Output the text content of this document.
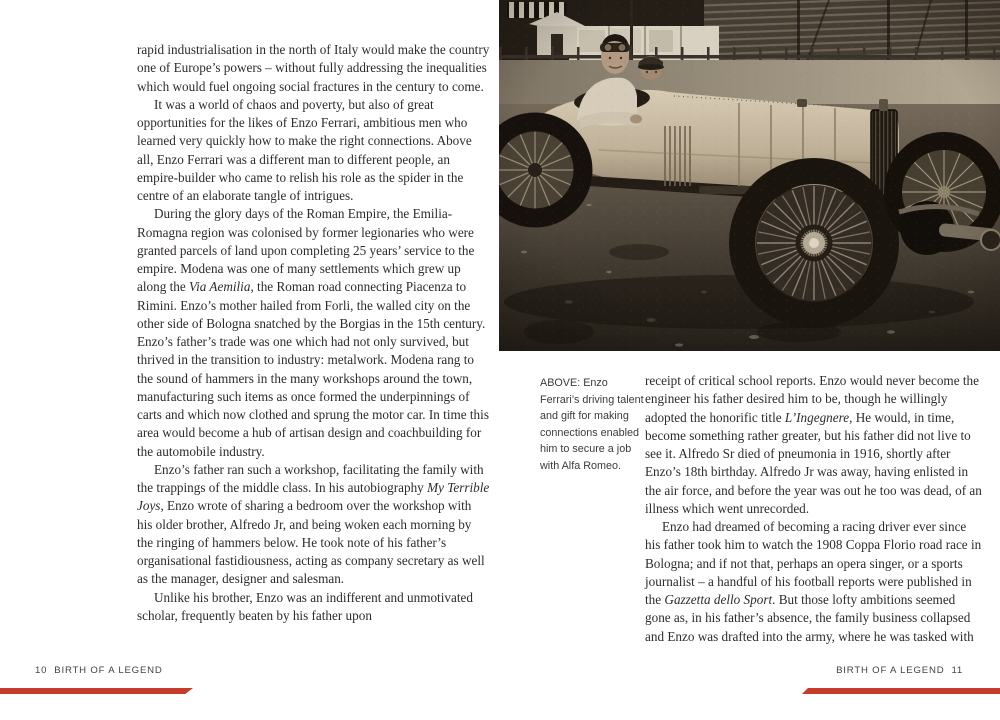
rapid industrialisation in the north of Italy would make the country one of Europe’s powers – without fully addressing the inequalities which would fuel ongoing social fractures in the century to come.

It was a world of chaos and poverty, but also of great opportunities for the likes of Enzo Ferrari, ambitious men who learned very quickly how to make the right connections. Above all, Enzo Ferrari was a different man to different people, an empire-builder who came to relish his role as the spider in the centre of an elaborate tangle of intrigues.

During the glory days of the Roman Empire, the Emilia-Romagna region was colonised by former legionaries who were granted parcels of land upon completing 25 years’ service to the empire. Modena was one of many settlements which grew up along the Via Aemilia, the Roman road connecting Piacenza to Rimini. Enzo’s mother hailed from Forli, the walled city on the other side of Bologna snatched by the Borgias in the 15th century. Enzo’s father’s trade was one which had not only survived, but thrived in the transition to industry: metalwork. Modena rang to the sound of hammers in the many workshops around the town, manufacturing such items as once formed the underpinnings of carts and which now clothed and sprung the motor car. In time this area would become a hub of artisan design and coachbuilding for the automobile industry.

Enzo’s father ran such a workshop, facilitating the family with the trappings of the middle class. In his autobiography My Terrible Joys, Enzo wrote of sharing a bedroom over the workshop with his older brother, Alfredo Jr, and being woken each morning by the ringing of hammers below. He took note of his father’s organisational fastidiousness, acting as company secretary as well as the manager, designer and salesman.

Unlike his brother, Enzo was an indifferent and unmotivated scholar, frequently beaten by his father upon

ABOVE: Enzo Ferrari’s driving talent and gift for making connections enabled him to secure a job with Alfa Romeo.

receipt of critical school reports. Enzo would never become the engineer his father desired him to be, though he willingly adopted the honorific title L’Ingegnere, He would, in time, become something rather greater, but his father did not live to see it. Alfredo Sr died of pneumonia in 1916, shortly after Enzo’s 18th birthday. Alfredo Jr was away, having enlisted in the air force, and before the year was out he too was dead, of an illness which went unrecorded.

Enzo had dreamed of becoming a racing driver ever since his father took him to watch the 1908 Coppa Florio road race in Bologna; and if not that, perhaps an opera singer, or a sports journalist – a handful of his football reports were published in the Gazzetta dello Sport. But those lofty ambitions seemed gone as, in his father’s absence, the family business collapsed and Enzo was drafted into the army, where he was tasked with

10 BIRTH OF A LEGEND	BIRTH OF A LEGEND 11
